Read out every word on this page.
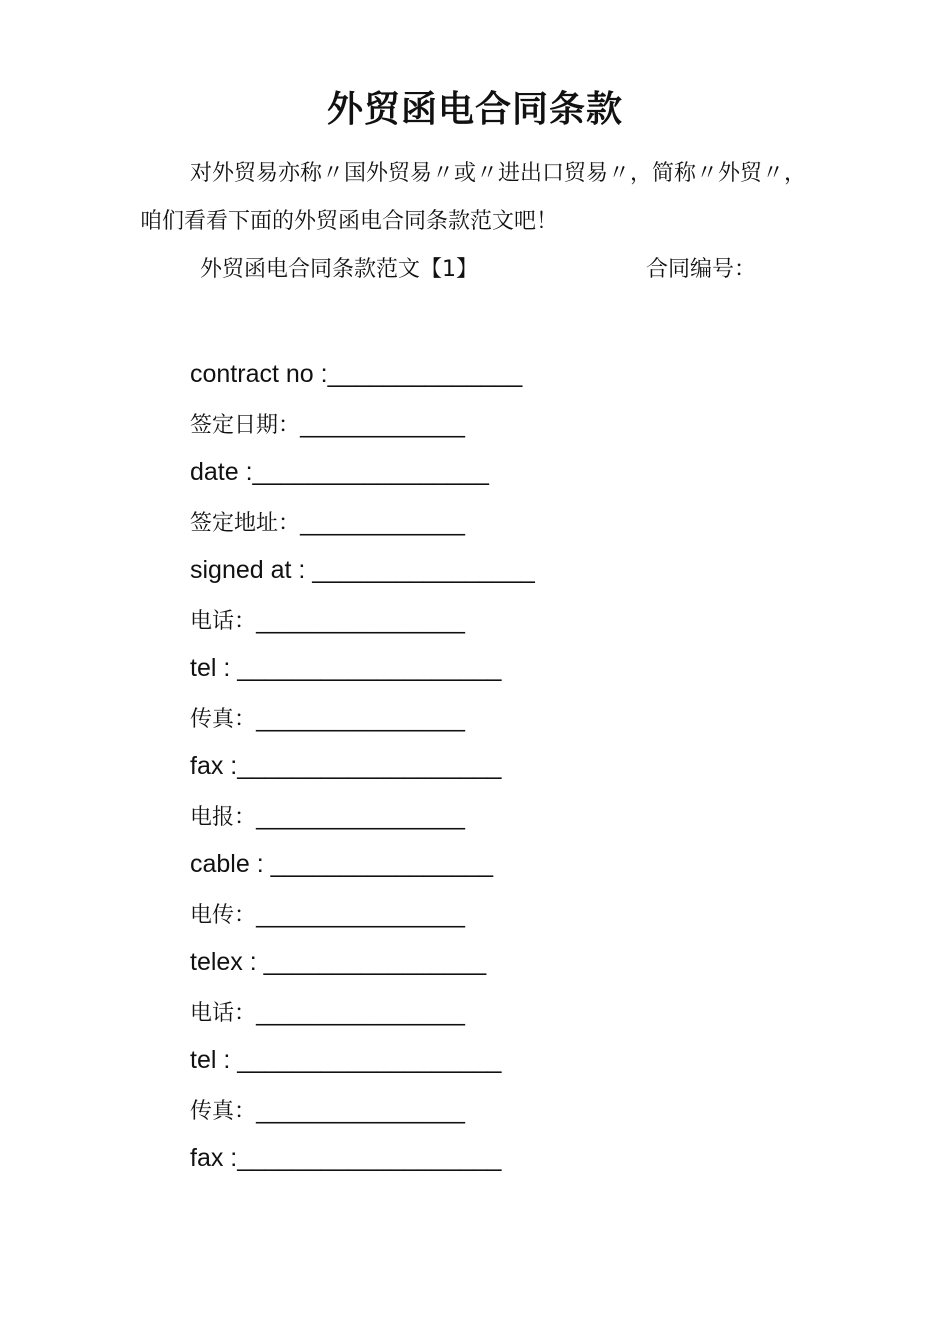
外贸函电合同条款
对外贸易亦称〃国外贸易〃或〃进出口贸易〃，简称〃外贸〃，咱们看看下面的外贸函电合同条款范文吧！
外贸函电合同条款范文【1】	合同编号：
contract no :______________
签定日期：_______________
date :_________________
签定地址：_______________
signed at : ________________
电话：___________________
tel : ___________________
传真：___________________
fax :___________________
电报：___________________
cable : ________________
电传：___________________
telex : ________________
电话：___________________
tel : ___________________
传真：___________________
fax :___________________
